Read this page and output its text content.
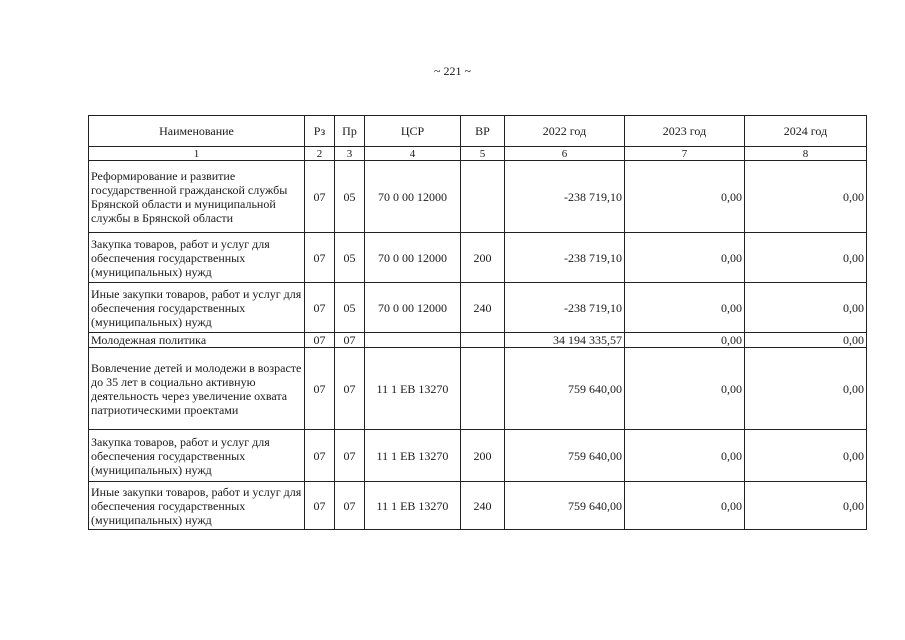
~ 221 ~
Наименование	Рз	Пр	ЦСР	ВР	2022 год	2023 год	2024 год
1	2	3	4	5	6	7	8
Реформирование и развитие государственной гражданской службы Брянской области и муниципальной службы в Брянской области	07	05	70 0 00 12000		-238 719,10	0,00	0,00
Закупка товаров, работ и услуг для обеспечения государственных (муниципальных) нужд	07	05	70 0 00 12000	200	-238 719,10	0,00	0,00
Иные закупки товаров, работ и услуг для обеспечения государственных (муниципальных) нужд	07	05	70 0 00 12000	240	-238 719,10	0,00	0,00
Молодежная политика	07	07			34 194 335,57	0,00	0,00
Вовлечение детей и молодежи в возрасте до 35 лет в социально активную деятельность через увеличение охвата патриотическими проектами	07	07	11 1 ЕВ 13270		759 640,00	0,00	0,00
Закупка товаров, работ и услуг для обеспечения государственных (муниципальных) нужд	07	07	11 1 ЕВ 13270	200	759 640,00	0,00	0,00
Иные закупки товаров, работ и услуг для обеспечения государственных (муниципальных) нужд	07	07	11 1 ЕВ 13270	240	759 640,00	0,00	0,00
